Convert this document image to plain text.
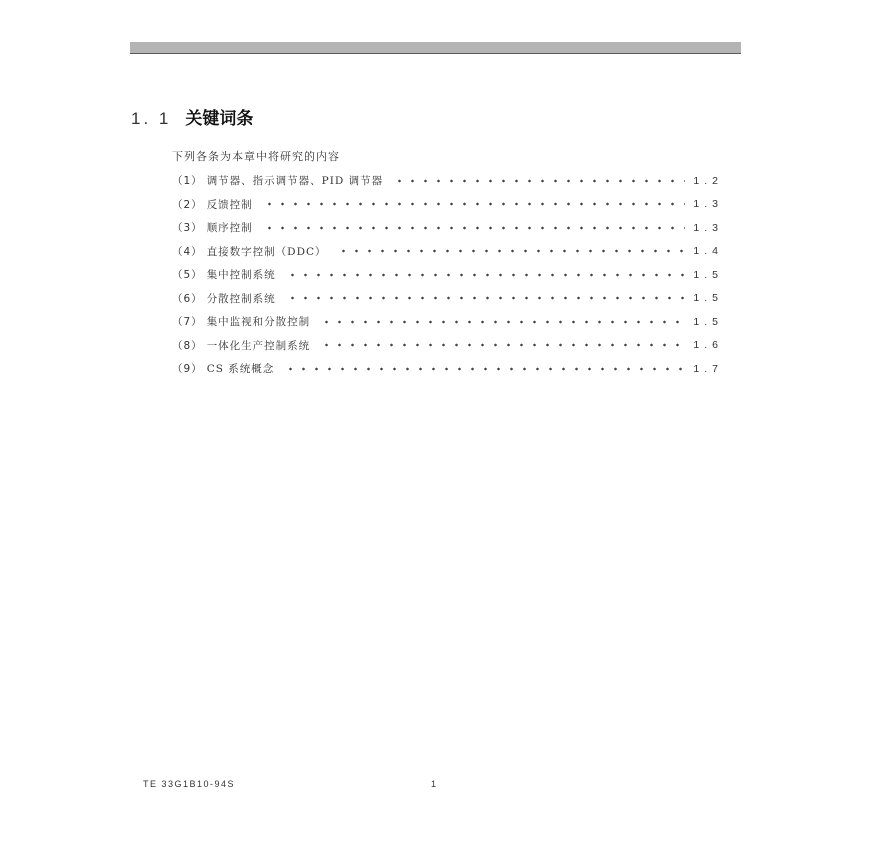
1. 1 关键词条
下列各条为本章中将研究的内容
（1） 调节器、指示调节器、PID 调节器	1.2
（2） 反馈控制	1.3
（3） 顺序控制	1.3
（4） 直接数字控制（DDC）	1.4
（5） 集中控制系统	1.5
（6） 分散控制系统	1.5
（7） 集中监视和分散控制	1.5
（8） 一体化生产控制系统	1.6
（9） CS 系统概念	1.7
TE 33G1B10-94S	1
